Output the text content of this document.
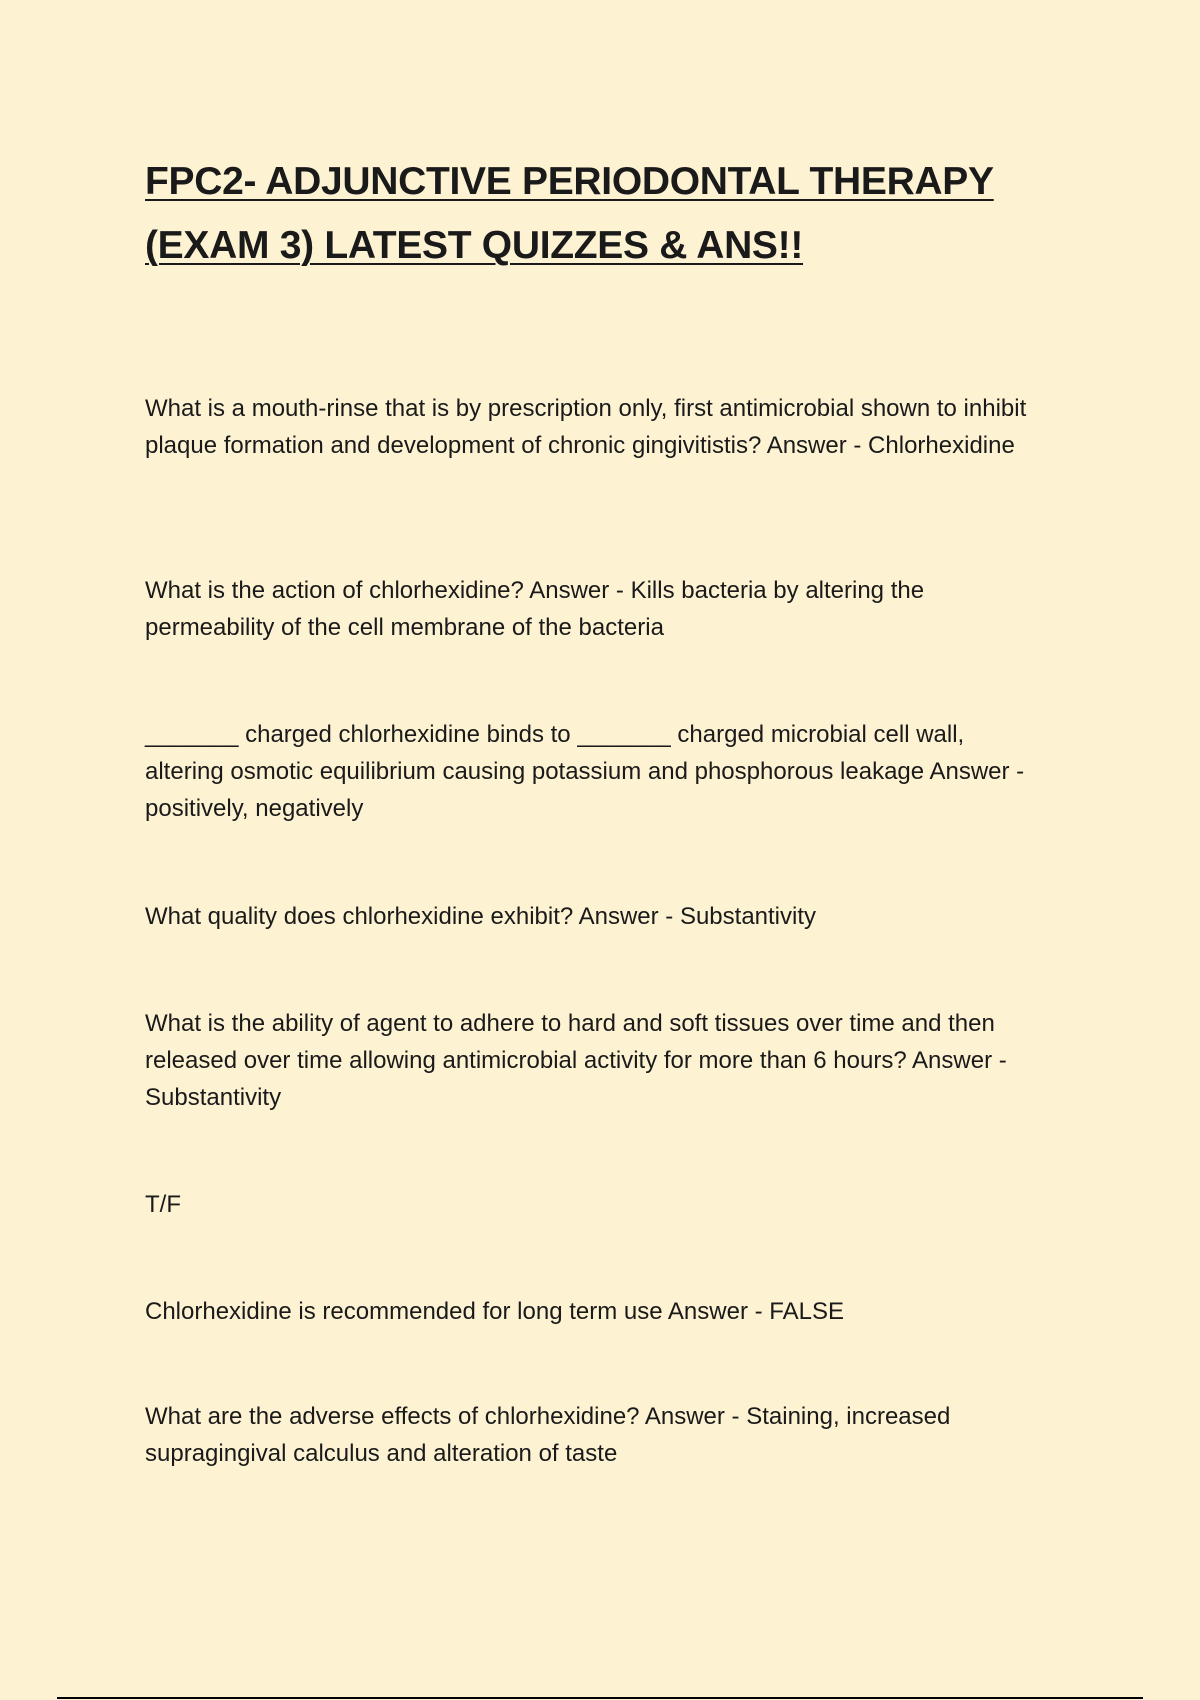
FPC2- ADJUNCTIVE PERIODONTAL THERAPY
(EXAM 3) LATEST QUIZZES & ANS!!

What is a mouth-rinse that is by prescription only, first antimicrobial shown to inhibit plaque formation and development of chronic gingivitistis? Answer - Chlorhexidine

What is the action of chlorhexidine? Answer - Kills bacteria by altering the permeability of the cell membrane of the bacteria

_______ charged chlorhexidine binds to _______ charged microbial cell wall, altering osmotic equilibrium causing potassium and phosphorous leakage Answer - positively, negatively

What quality does chlorhexidine exhibit? Answer - Substantivity

What is the ability of agent to adhere to hard and soft tissues over time and then released over time allowing antimicrobial activity for more than 6 hours? Answer - Substantivity

T/F

Chlorhexidine is recommended for long term use Answer - FALSE

What are the adverse effects of chlorhexidine? Answer - Staining, increased supragingival calculus and alteration of taste
